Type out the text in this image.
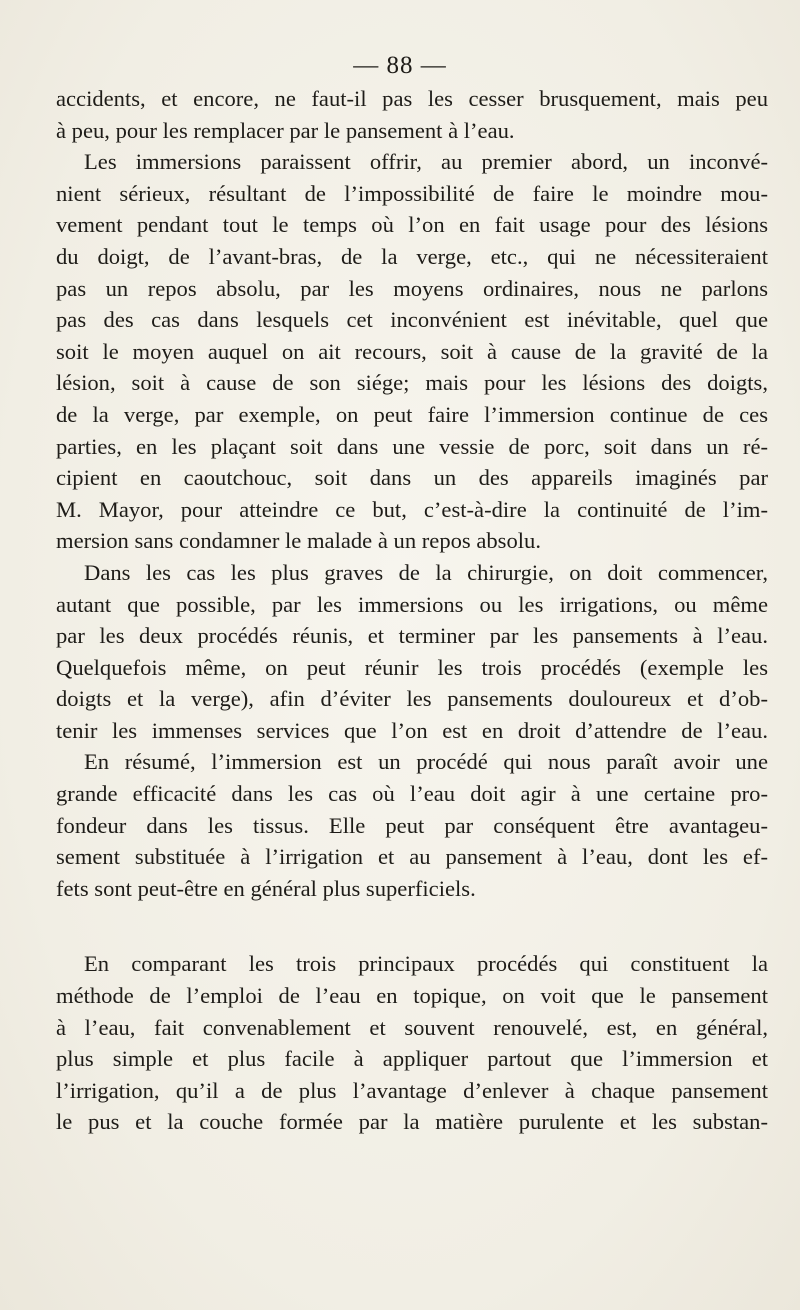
— 88 —
accidents, et encore, ne faut-il pas les cesser brusquement, mais peu
à peu, pour les remplacer par le pansement à l’eau.
Les immersions paraissent offrir, au premier abord, un inconvé-
nient sérieux, résultant de l’impossibilité de faire le moindre mou-
vement pendant tout le temps où l’on en fait usage pour des lésions
du doigt, de l’avant-bras, de la verge, etc., qui ne nécessiteraient
pas un repos absolu, par les moyens ordinaires, nous ne parlons
pas des cas dans lesquels cet inconvénient est inévitable, quel que
soit le moyen auquel on ait recours, soit à cause de la gravité de la
lésion, soit à cause de son siége; mais pour les lésions des doigts,
de la verge, par exemple, on peut faire l’immersion continue de ces
parties, en les plaçant soit dans une vessie de porc, soit dans un ré-
cipient en caoutchouc, soit dans un des appareils imaginés par
M. Mayor, pour atteindre ce but, c’est-à-dire la continuité de l’im-
mersion sans condamner le malade à un repos absolu.
Dans les cas les plus graves de la chirurgie, on doit commencer,
autant que possible, par les immersions ou les irrigations, ou même
par les deux procédés réunis, et terminer par les pansements à l’eau.
Quelquefois même, on peut réunir les trois procédés (exemple les
doigts et la verge), afin d’éviter les pansements douloureux et d’ob-
tenir les immenses services que l’on est en droit d’attendre de l’eau.
En résumé, l’immersion est un procédé qui nous paraît avoir une
grande efficacité dans les cas où l’eau doit agir à une certaine pro-
fondeur dans les tissus. Elle peut par conséquent être avantageu-
sement substituée à l’irrigation et au pansement à l’eau, dont les ef-
fets sont peut-être en général plus superficiels.
En comparant les trois principaux procédés qui constituent la
méthode de l’emploi de l’eau en topique, on voit que le pansement
à l’eau, fait convenablement et souvent renouvelé, est, en général,
plus simple et plus facile à appliquer partout que l’immersion et
l’irrigation, qu’il a de plus l’avantage d’enlever à chaque pansement
le pus et la couche formée par la matière purulente et les substan-
